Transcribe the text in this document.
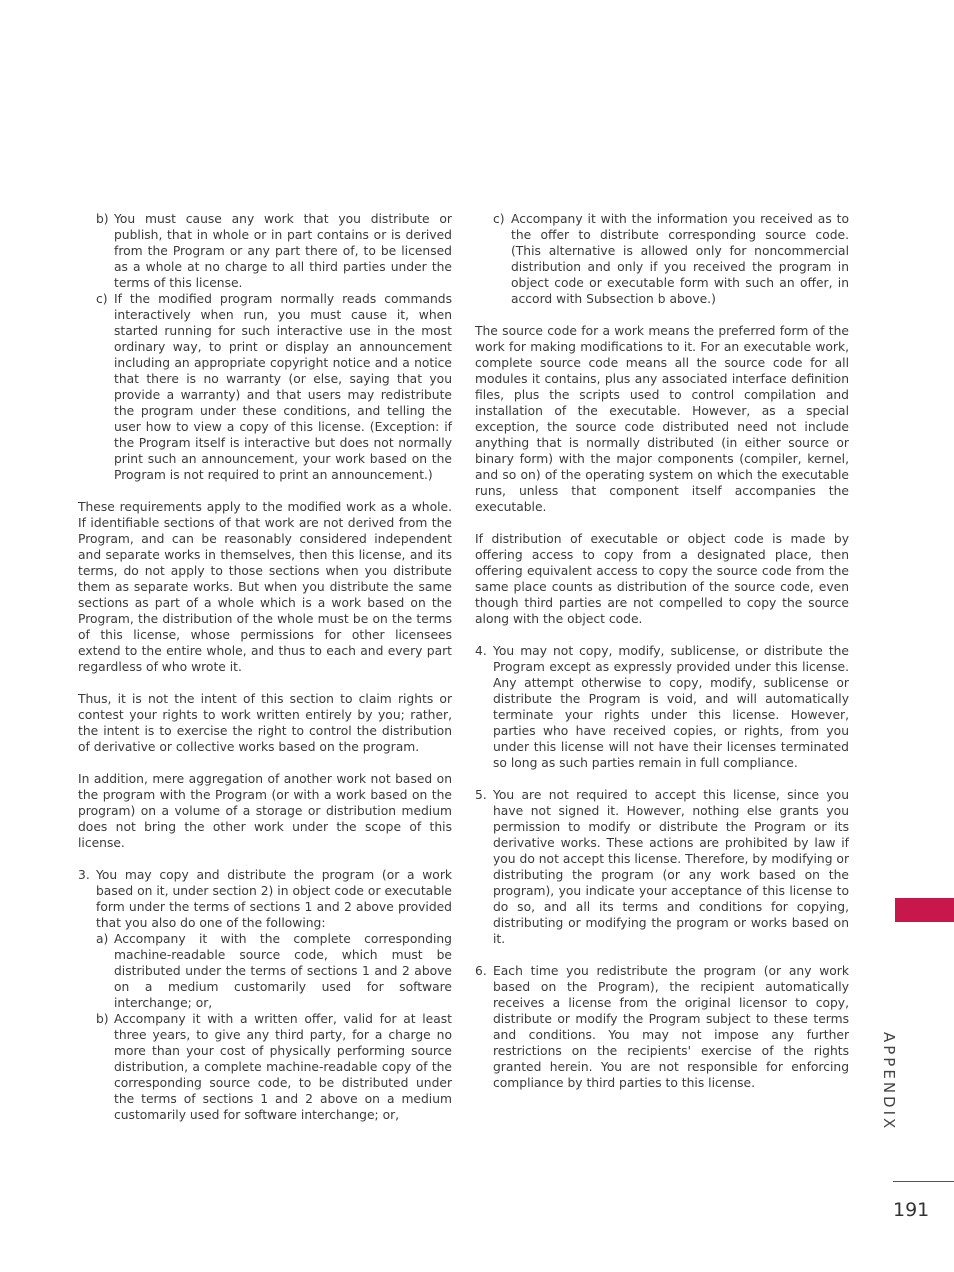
b) You must cause any work that you distribute or publish, that in whole or in part contains or is derived from the Program or any part there of, to be licensed as a whole at no charge to all third parties under the terms of this license.
c) If the modified program normally reads commands interactively when run, you must cause it, when started running for such interactive use in the most ordinary way, to print or display an announcement including an appropriate copyright notice and a notice that there is no warranty (or else, saying that you provide a warranty) and that users may redistribute the program under these conditions, and telling the user how to view a copy of this license. (Exception: if the Program itself is interactive but does not normally print such an announcement, your work based on the Program is not required to print an announcement.)

These requirements apply to the modified work as a whole. If identifiable sections of that work are not derived from the Program, and can be reasonably considered independent and separate works in themselves, then this license, and its terms, do not apply to those sections when you distribute them as separate works. But when you distribute the same sections as part of a whole which is a work based on the Program, the distribution of the whole must be on the terms of this license, whose permissions for other licensees extend to the entire whole, and thus to each and every part regardless of who wrote it.

Thus, it is not the intent of this section to claim rights or contest your rights to work written entirely by you; rather, the intent is to exercise the right to control the distribution of derivative or collective works based on the program.

In addition, mere aggregation of another work not based on the program with the Program (or with a work based on the program) on a volume of a storage or distribution medium does not bring the other work under the scope of this license.

3. You may copy and distribute the program (or a work based on it, under section 2) in object code or executable form under the terms of sections 1 and 2 above provided that you also do one of the following:
a) Accompany it with the complete corresponding machine-readable source code, which must be distributed under the terms of sections 1 and 2 above on a medium customarily used for software interchange; or,
b) Accompany it with a written offer, valid for at least three years, to give any third party, for a charge no more than your cost of physically performing source distribution, a complete machine-readable copy of the corresponding source code, to be distributed under the terms of sections 1 and 2 above on a medium customarily used for software interchange; or,
c) Accompany it with the information you received as to the offer to distribute corresponding source code. (This alternative is allowed only for noncommercial distribution and only if you received the program in object code or executable form with such an offer, in accord with Subsection b above.)

The source code for a work means the preferred form of the work for making modifications to it. For an executable work, complete source code means all the source code for all modules it contains, plus any associated interface definition files, plus the scripts used to control compilation and installation of the executable. However, as a special exception, the source code distributed need not include anything that is normally distributed (in either source or binary form) with the major components (compiler, kernel, and so on) of the operating system on which the executable runs, unless that component itself accompanies the executable.

If distribution of executable or object code is made by offering access to copy from a designated place, then offering equivalent access to copy the source code from the same place counts as distribution of the source code, even though third parties are not compelled to copy the source along with the object code.

4. You may not copy, modify, sublicense, or distribute the Program except as expressly provided under this license. Any attempt otherwise to copy, modify, sublicense or distribute the Program is void, and will automatically terminate your rights under this license. However, parties who have received copies, or rights, from you under this license will not have their licenses terminated so long as such parties remain in full compliance.
5. You are not required to accept this license, since you have not signed it. However, nothing else grants you permission to modify or distribute the Program or its derivative works. These actions are prohibited by law if you do not accept this license. Therefore, by modifying or distributing the program (or any work based on the program), you indicate your acceptance of this license to do so, and all its terms and conditions for copying, distributing or modifying the program or works based on it.
6. Each time you redistribute the program (or any work based on the Program), the recipient automatically receives a license from the original licensor to copy, distribute or modify the Program subject to these terms and conditions. You may not impose any further restrictions on the recipients' exercise of the rights granted herein. You are not responsible for enforcing compliance by third parties to this license.	APPENDIX
191
